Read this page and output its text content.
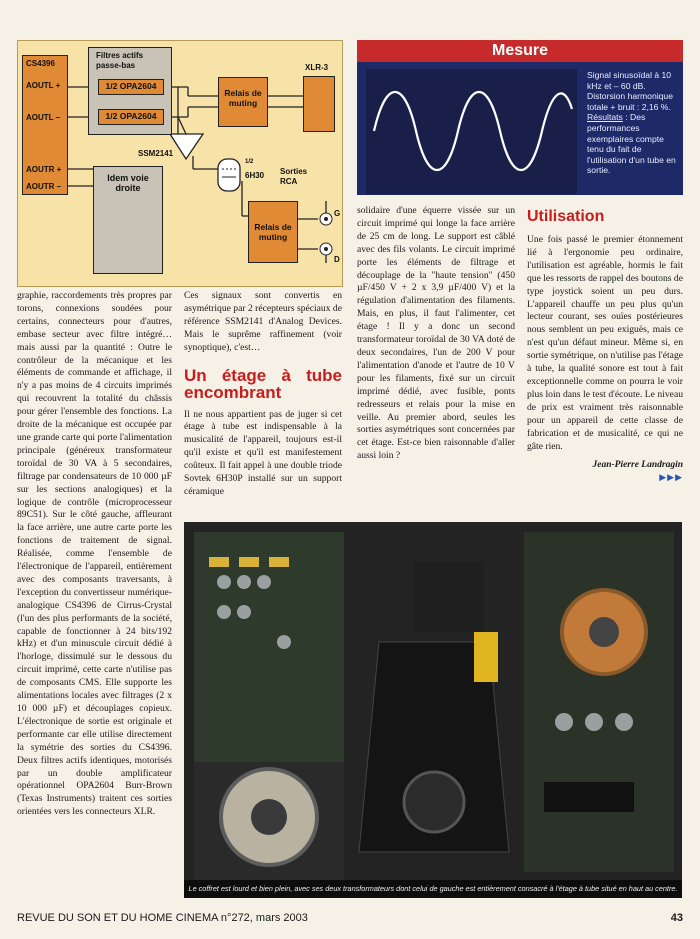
CS4396
AOUTL +
AOUTL –
AOUTR +
AOUTR –
Filtres actifs passe-bas
1/2 OPA2604
1/2 OPA2604
Relais de muting
XLR-3
SSM2141
1/2
6H30 Sorties RCA
Idem voie droite
Relais de muting
G
D
Mesure
Signal sinusoïdal à 10 kHz et – 60 dB. Distorsion harmonique totale + bruit : 2,16 %. Résultats : Des performances exemplaires compte tenu du fait de l'utilisation d'un tube en sortie.

graphie, raccordements très propres par torons, connexions soudées pour certains, connecteurs pour d'autres, embase secteur avec filtre intégré… mais aussi par la quantité : Outre le contrôleur de la mécanique et les éléments de commande et affichage, il n'y a pas moins de 4 circuits imprimés qui recouvrent la totalité du châssis pour gérer l'ensemble des fonctions. La droite de la mécanique est occupée par une grande carte qui porte l'alimentation principale (généreux transformateur toroïdal de 30 VA à 5 secondaires, filtrage par condensateurs de 10 000 µF sur les sections analogiques) et la logique de contrôle (microprocesseur 89C51). Sur le côté gauche, affleurant la face arrière, une autre carte porte les fonctions de traitement de signal. Réalisée, comme l'ensemble de l'électronique de l'appareil, entièrement avec des composants traversants, à l'exception du convertisseur numérique-analogique CS4396 de Cirrus-Crystal (l'un des plus performants de la société, capable de fonctionner à 24 bits/192 kHz) et d'un minuscule circuit dédié à l'horloge, dissimulé sur le dessous du circuit imprimé, cette carte n'utilise pas de composants CMS. Elle supporte les alimentations locales avec filtrages (2 x 10 000 µF) et découplages copieux. L'électronique de sortie est originale et performante car elle utilise directement la symétrie des sorties du CS4396. Deux filtres actifs identiques, motorisés par un double amplificateur opérationnel OPA2604 Burr-Brown (Texas Instruments) traitent ces sorties orientées vers les connecteurs XLR.

Ces signaux sont convertis en asymétrique par 2 récepteurs spéciaux de référence SSM2141 d'Analog Devices. Mais le suprême raffinement (voir synoptique), c'est…

Un étage à tube encombrant

Il ne nous appartient pas de juger si cet étage à tube est indispensable à la musicalité de l'appareil, toujours est-il qu'il existe et qu'il est manifestement coûteux. Il fait appel à une double triode Sovtek 6H30P installé sur un support céramique

solidaire d'une équerre vissée sur un circuit imprimé qui longe la face arrière de 25 cm de long. Le support est câblé avec des fils volants. Le circuit imprimé porte les éléments de filtrage et découplage de la "haute tension" (450 µF/450 V + 2 x 3,9 µF/400 V) et la régulation d'alimentation des filaments. Mais, en plus, il faut l'alimenter, cet étage ! Il y a donc un second transformateur toroïdal de 30 VA doté de deux secondaires, l'un de 200 V pour l'alimentation d'anode et l'autre de 10 V pour les filaments, fixé sur un circuit imprimé dédié, avec fusible, ponts redresseurs et relais pour la mise en veille. Au premier abord, seules les sorties asymétriques sont concernées par cet étage. Est-ce bien raisonnable d'aller aussi loin ?

Utilisation

Une fois passé le premier étonnement lié à l'ergonomie peu ordinaire, l'utilisation est agréable, hormis le fait que les ressorts de rappel des boutons de type joystick soient un peu durs. L'appareil chauffe un peu plus qu'un lecteur courant, ses ouïes postérieures nous semblent un peu exiguës, mais ce n'est qu'un défaut mineur. Même si, en sortie symétrique, on n'utilise pas l'étage à tube, la qualité sonore est tout à fait exceptionnelle comme on pourra le voir plus loin dans le test d'écoute. Le niveau de prix est vraiment très raisonnable pour un appareil de cette classe de fabrication et de musicalité, ce qui ne gâte rien.

Jean-Pierre Landragin

▶▶▶

Le coffret est lourd et bien plein, avec ses deux transformateurs dont celui de gauche est entièrement consacré à l'étage à tube situé en haut au centre.
REVUE DU SON ET DU HOME CINEMA n°272, mars 2003	43
